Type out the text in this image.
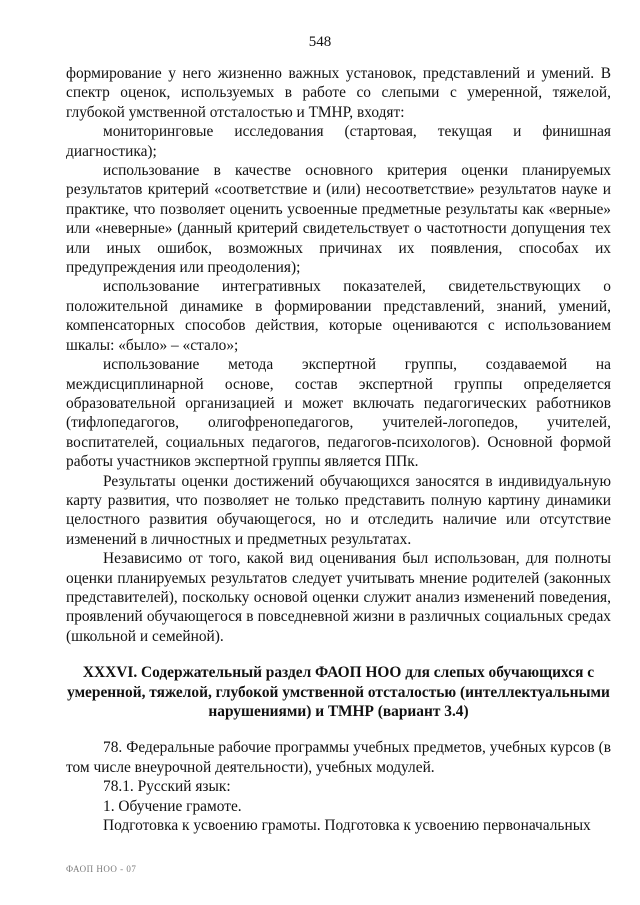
548

формирование у него жизненно важных установок, представлений и умений. В спектр оценок, используемых в работе со слепыми с умеренной, тяжелой, глубокой умственной отсталостью и ТМНР, входят:

мониторинговые исследования (стартовая, текущая и финишная диагностика);

использование в качестве основного критерия оценки планируемых результатов критерий «соответствие и (или) несоответствие» результатов науке и практике, что позволяет оценить усвоенные предметные результаты как «верные» или «неверные» (данный критерий свидетельствует о частотности допущения тех или иных ошибок, возможных причинах их появления, способах их предупреждения или преодоления);

использование интегративных показателей, свидетельствующих о положительной динамике в формировании представлений, знаний, умений, компенсаторных способов действия, которые оцениваются с использованием шкалы: «было» – «стало»;

использование метода экспертной группы, создаваемой на междисциплинарной основе, состав экспертной группы определяется образовательной организацией и может включать педагогических работников (тифлопедагогов, олигофренопедагогов, учителей-логопедов, учителей, воспитателей, социальных педагогов, педагогов-психологов). Основной формой работы участников экспертной группы является ППк.

Результаты оценки достижений обучающихся заносятся в индивидуальную карту развития, что позволяет не только представить полную картину динамики целостного развития обучающегося, но и отследить наличие или отсутствие изменений в личностных и предметных результатах.

Независимо от того, какой вид оценивания был использован, для полноты оценки планируемых результатов следует учитывать мнение родителей (законных представителей), поскольку основой оценки служит анализ изменений поведения, проявлений обучающегося в повседневной жизни в различных социальных средах (школьной и семейной).

XXXVI. Содержательный раздел ФАОП НОО для слепых обучающихся с умеренной, тяжелой, глубокой умственной отсталостью (интеллектуальными нарушениями) и ТМНР (вариант 3.4)

78. Федеральные рабочие программы учебных предметов, учебных курсов (в том числе внеурочной деятельности), учебных модулей.

78.1. Русский язык:

1. Обучение грамоте.

Подготовка к усвоению грамоты. Подготовка к усвоению первоначальных

ФАОП НОО - 07
